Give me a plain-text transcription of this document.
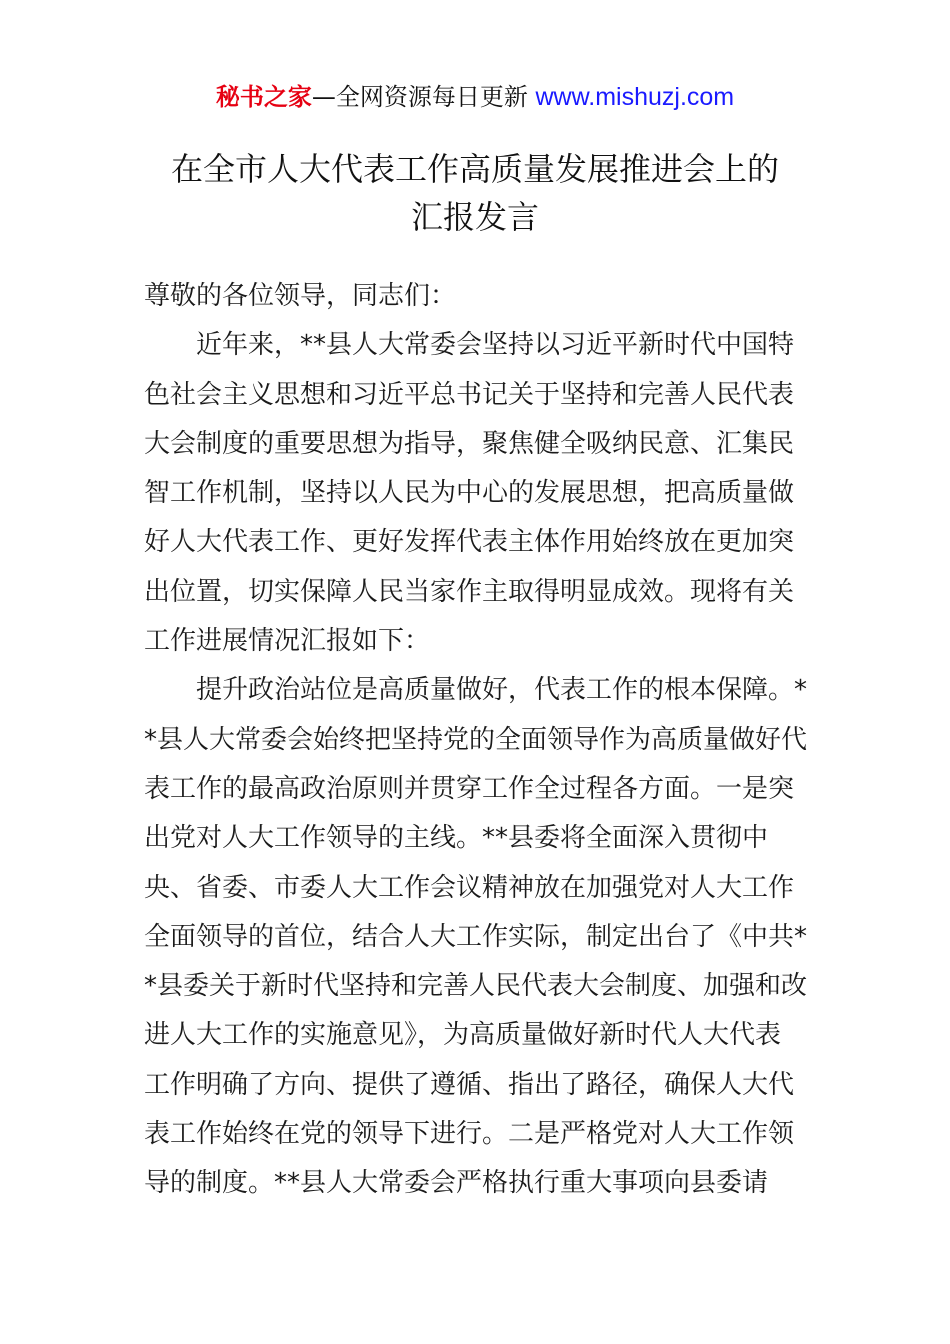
秘书之家—全网资源每日更新 www.mishuzj.com
在全市人大代表工作高质量发展推进会上的
汇报发言
尊敬的各位领导，同志们：
近年来，**县人大常委会坚持以习近平新时代中国特
色社会主义思想和习近平总书记关于坚持和完善人民代表
大会制度的重要思想为指导，聚焦健全吸纳民意、汇集民
智工作机制，坚持以人民为中心的发展思想，把高质量做
好人大代表工作、更好发挥代表主体作用始终放在更加突
出位置，切实保障人民当家作主取得明显成效。现将有关
工作进展情况汇报如下：
提升政治站位是高质量做好，代表工作的根本保障。*
*县人大常委会始终把坚持党的全面领导作为高质量做好代
表工作的最高政治原则并贯穿工作全过程各方面。一是突
出党对人大工作领导的主线。**县委将全面深入贯彻中
央、省委、市委人大工作会议精神放在加强党对人大工作
全面领导的首位，结合人大工作实际，制定出台了《中共*
*县委关于新时代坚持和完善人民代表大会制度、加强和改
进人大工作的实施意见》，为高质量做好新时代人大代表
工作明确了方向、提供了遵循、指出了路径，确保人大代
表工作始终在党的领导下进行。二是严格党对人大工作领
导的制度。**县人大常委会严格执行重大事项向县委请
